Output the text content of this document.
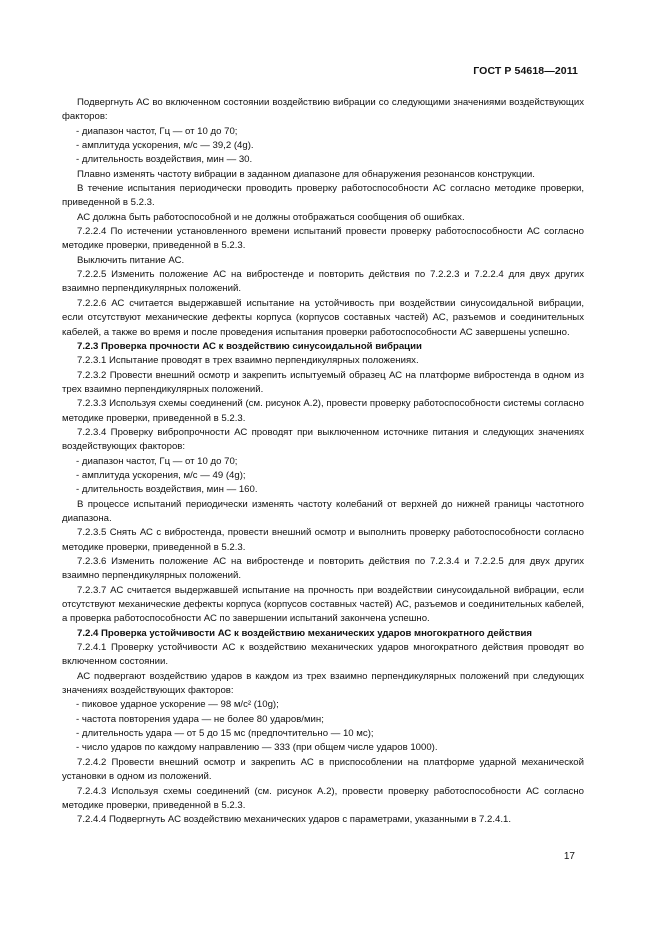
ГОСТ Р 54618—2011

Подвергнуть АС во включенном состоянии воздействию вибрации со следующими значениями воздействующих факторов:

- диапазон частот, Гц — от 10 до 70;

- амплитуда ускорения, м/с — 39,2 (4g).

- длительность воздействия, мин — 30.

Плавно изменять частоту вибрации в заданном диапазоне для обнаружения резонансов конструкции.

В течение испытания периодически проводить проверку работоспособности АС согласно методике проверки, приведенной в 5.2.3.

АС должна быть работоспособной и не должны отображаться сообщения об ошибках.

7.2.2.4 По истечении установленного времени испытаний провести проверку работоспособности АС согласно методике проверки, приведенной в 5.2.3.

Выключить питание АС.

7.2.2.5 Изменить положение АС на вибростенде и повторить действия по 7.2.2.3 и 7.2.2.4 для двух других взаимно перпендикулярных положений.

7.2.2.6 АС считается выдержавшей испытание на устойчивость при воздействии синусоидальной вибрации, если отсутствуют механические дефекты корпуса (корпусов составных частей) АС, разъемов и соединительных кабелей, а также во время и после проведения испытания проверки работоспособности АС завершены успешно.

7.2.3 Проверка прочности АС к воздействию синусоидальной вибрации

7.2.3.1 Испытание проводят в трех взаимно перпендикулярных положениях.

7.2.3.2 Провести внешний осмотр и закрепить испытуемый образец АС на платформе вибростенда в одном из трех взаимно перпендикулярных положений.

7.2.3.3 Используя схемы соединений (см. рисунок А.2), провести проверку работоспособности системы согласно методике проверки, приведенной в 5.2.3.

7.2.3.4 Проверку вибропрочности АС проводят при выключенном источнике питания и следующих значениях воздействующих факторов:

- диапазон частот, Гц — от 10 до 70;

- амплитуда ускорения, м/с — 49 (4g);

- длительность воздействия, мин — 160.

В процессе испытаний периодически изменять частоту колебаний от верхней до нижней границы частотного диапазона.

7.2.3.5 Снять АС с вибростенда, провести внешний осмотр и выполнить проверку работоспособности согласно методике проверки, приведенной в 5.2.3.

7.2.3.6 Изменить положение АС на вибростенде и повторить действия по 7.2.3.4 и 7.2.2.5 для двух других взаимно перпендикулярных положений.

7.2.3.7 АС считается выдержавшей испытание на прочность при воздействии синусоидальной вибрации, если отсутствуют механические дефекты корпуса (корпусов составных частей) АС, разъемов и соединительных кабелей, а проверка работоспособности АС по завершении испытаний закончена успешно.

7.2.4 Проверка устойчивости АС к воздействию механических ударов многократного действия

7.2.4.1 Проверку устойчивости АС к воздействию механических ударов многократного действия проводят во включенном состоянии.

АС подвергают воздействию ударов в каждом из трех взаимно перпендикулярных положений при следующих значениях воздействующих факторов:

- пиковое ударное ускорение — 98 м/с² (10g);

- частота повторения удара — не более 80 ударов/мин;

- длительность удара — от 5 до 15 мс (предпочтительно — 10 мс);

- число ударов по каждому направлению — 333 (при общем числе ударов 1000).

7.2.4.2 Провести внешний осмотр и закрепить АС в приспособлении на платформе ударной механической установки в одном из положений.

7.2.4.3 Используя схемы соединений (см. рисунок А.2), провести проверку работоспособности АС согласно методике проверки, приведенной в 5.2.3.

7.2.4.4 Подвергнуть АС воздействию механических ударов с параметрами, указанными в 7.2.4.1.

17
